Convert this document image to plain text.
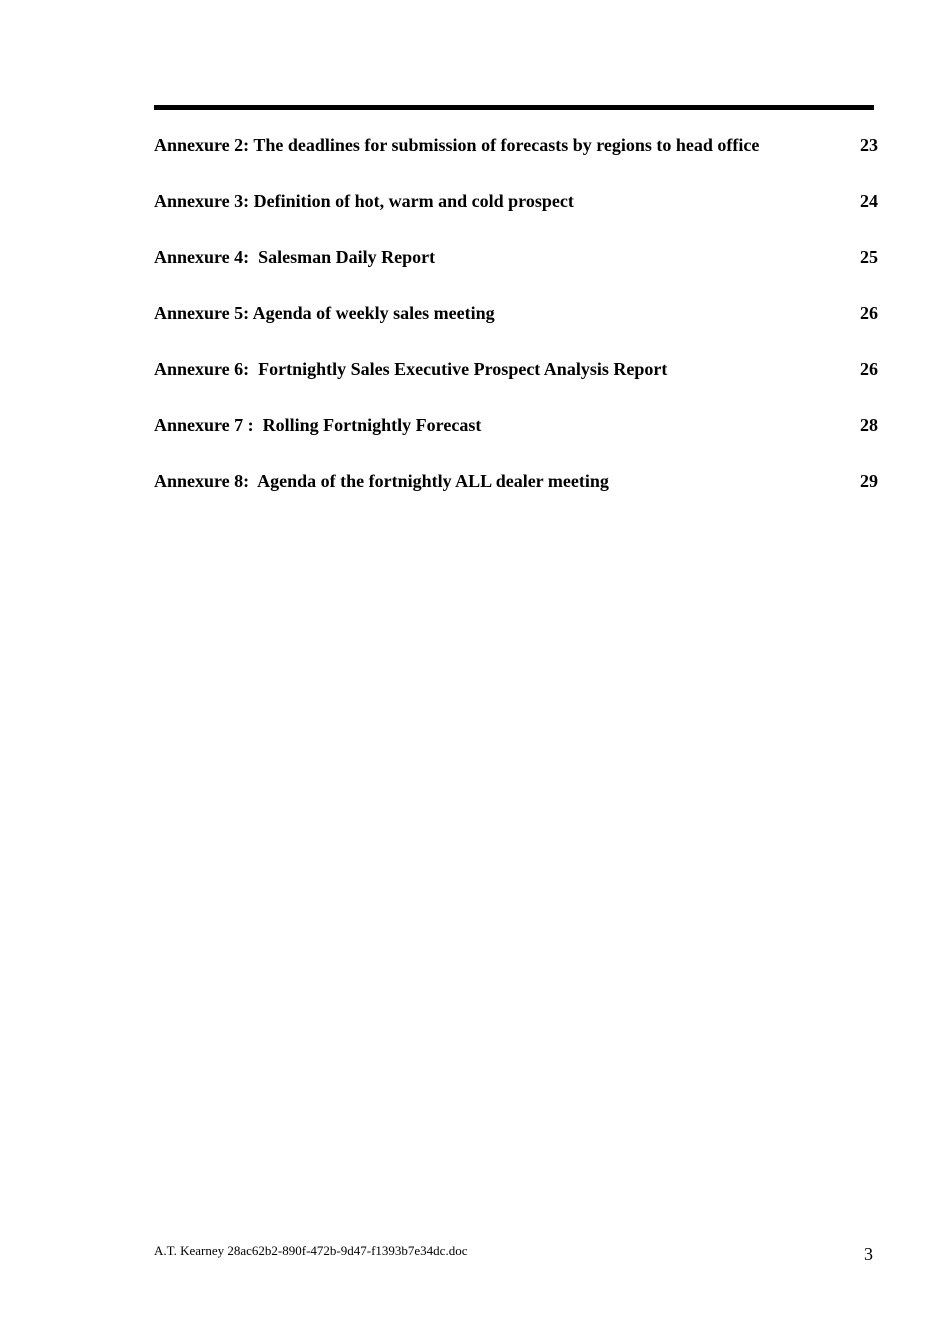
Annexure 2: The deadlines for submission of forecasts by regions to head office	23
Annexure 3: Definition of hot, warm and cold prospect	24
Annexure 4:  Salesman Daily Report	25
Annexure 5: Agenda of weekly sales meeting	26
Annexure 6:  Fortnightly Sales Executive Prospect Analysis Report	26
Annexure 7 :  Rolling Fortnightly Forecast	28
Annexure 8:  Agenda of the fortnightly ALL dealer meeting	29
A.T. Kearney 28ac62b2-890f-472b-9d47-f1393b7e34dc.doc	3
